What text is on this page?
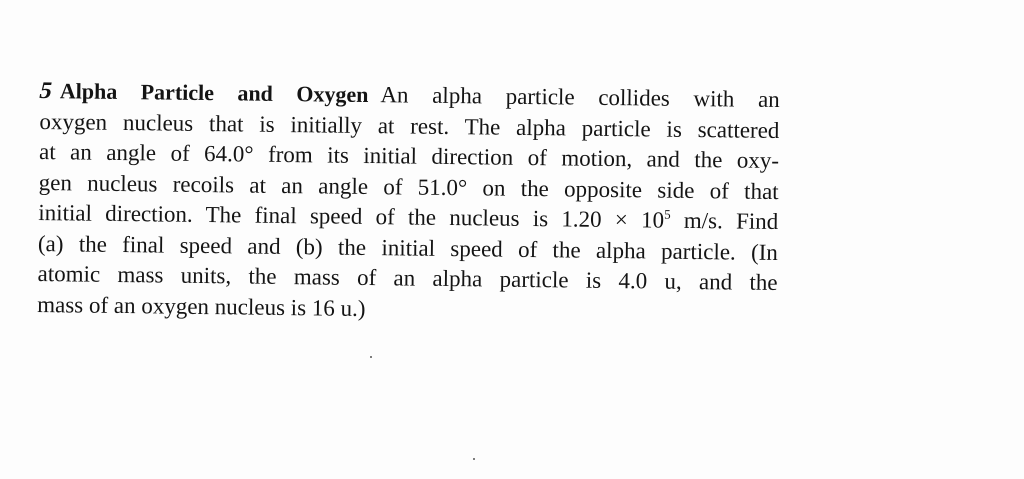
5 Alpha Particle and Oxygen An alpha particle collides with an
oxygen nucleus that is initially at rest. The alpha particle is scattered
at an angle of 64.0° from its initial direction of motion, and the oxy-
gen nucleus recoils at an angle of 51.0° on the opposite side of that
initial direction. The final speed of the nucleus is $1.20 \times 10^5$ m/s. Find
(a) the final speed and (b) the initial speed of the alpha particle. (In
atomic mass units, the mass of an alpha particle is 4.0 u, and the
mass of an oxygen nucleus is 16 u.)
